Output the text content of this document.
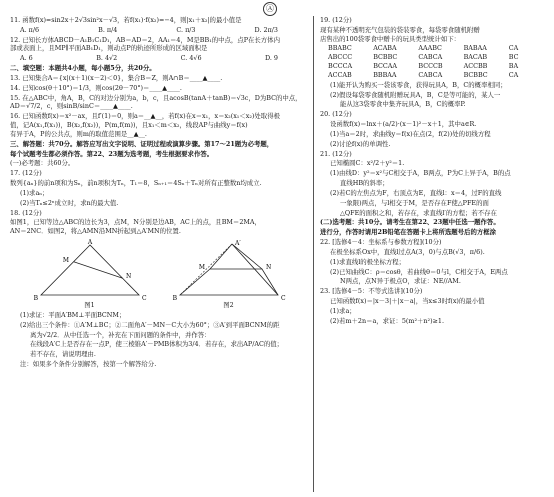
Ⓐ

11. 函数f(x)=sin2x＋2√3sin²x－√3，若f(x₁)·f(x₂)=−4，则|x₁＋x₂|的最小值是

A. π/6	B. π/4	C. π/3	D. 2π/3

12. 已知长方体ABCD－A₁B₁C₁D₁，AB＝AD＝2，AA₁＝4，M是BB₁的中点，点P在长方体内

部或表面上，且MP∥平面AB₁D₁，则动点P的轨迹所形成的区域面积是

A. 6	B. 4√2	C. 4√6	D. 9

二、填空题：本题共4小题，每小题5分，共20分。

13. 已知集合A＝{x|(x＋1)(x－2)＜0}，集合B＝Z，则A∩B＝____▲____.

14. 已知cos(θ＋10°)＝1/3，则cos(2θ－70°)＝____▲____.

15. 在△ABC中，角A，B，C的对边分别为a，b，c，且acosB(tanA＋tanB)＝√3c，D为BC的中点，

AD＝√7/2，c，则sinB/sinC＝____▲____.

16. 已知函数f(x)＝x²－ax，且f′(1)＝0，则a＝__▲__，若f(x)在x＝x₁，x＝x₂(x₁＜x₂)处取得极

值，记A(x₁,f(x₁))，B(x₂,f(x₂))，P(m,f(m))，且x₁＜m＜x₂，线段AP与曲线y＝f(x)

有异于A，P的公共点，则m的取值范围是__▲__.

三、解答题：共70分。解答应写出文字说明、证明过程或演算步骤。第17～21题为必考题，

每个试题考生都必须作答。第22、23题为选考题，考生根据要求作答。

(一)必考题：共60分。

17. (12分)

数列{aₙ}的前n项和为Sₙ，前n项积为Tₙ，T₁＝8，Sₙ₊₁＝4Sₙ＋Tₙ对所有正整数n均成立.

(1)求aₙ；

(2)当Tₙ≤2ⁿ成立时，求n的最大值.

18. (12分)

如图1，已知等边△ABC的边长为3，点M，N分别是边AB，AC上的点，且BM＝2MA，

AN＝2NC．如图2，将△AMN沿MN折起到△A′MN的位置.

A
M
N
B	C
图1
A′
M	N
B	C
图2

(1)求证：平面A′BM⊥平面BCNM；

(2)给出三个条件：①A′M⊥BC；②二面角A′－MN－C大小为60°；③A′到平面BCNM的距

离为√2/2．从中任选一个，补充在下面问题的条件中，并作答：

在线段A′C上是否存在一点P，使三棱锥A′－PMB体积为3/4．若存在，求出AP/AC的值；

若不存在，请说明理由.

注：如果多个条件分别解答，按第一个解答给分.

19. (12分)

现有某种不透明充气包装的袋装零食，每袋零食随机附赠

店售出的100袋零食中赠卡的玩具类型统计如下：

BBABC	ACABA	AAABC	BABAA	CA
ABCCC	BCBBC	CABCA	BACAB	BC
BCCCA	BCCAA	BCCCB	ACCBB	BA
ACCAB	BBBAA	CABCA	BCBBC	CA

(1)能开认为购买一袋该零食，获得玩具A，B，C的概率相同；

(2)假设每袋零食随机附赠玩具A，B，C是等可能的，某人一

能从这3袋零食中集齐玩具A，B，C的概率P.

20. (12分)

设函数f(x)＝lnx＋(a/2)·(x－1)²－x＋1，其中a∈R.

(1)当a＝2时，求曲线y＝f(x)在点(2，f(2))处的切线方程

(2)讨论f(x)的单调性.

21. (12分)

已知椭圆C：x²/2＋y²＝1.

(1)由线D：y²＝x²与C相交于A，B两点，P为C上异于A，B的点

直线HB的斜率；

(2)若C的左焦点为F，右顶点为E，直线l：x＝4，过F的直线

一象限)两点，与l相交于M，是否存在F使△PFE的面

△QFE的面积之和，若存在，求直线l′的方程；若不存在

(二)选考题：共10分。请考生在第22、23题中任选一题作答。

进行分，作答时请用2B铅笔在答题卡上将所选题号后的方框涂

22. [选修4－4：坐标系与参数方程](10分)

在极坐标系Ox中，直线l过点A(3，0)与点B(√3，π/6).

(1)求直线l的极坐标方程；

(2)已知曲线C：ρ＝cosθ，若曲线θ＝0与l，C相交于A，E两点

N两点，点N异于极点O，求证：NE//AM.

23. [选修4－5：不等式选讲](10分)

已知函数f(x)＝|x－3|＋|x－a|，当x≤3时f(x)的最小值

(1)求a；

(2)若m＋2n＝a，求证：5(m²＋n²)≥1.
